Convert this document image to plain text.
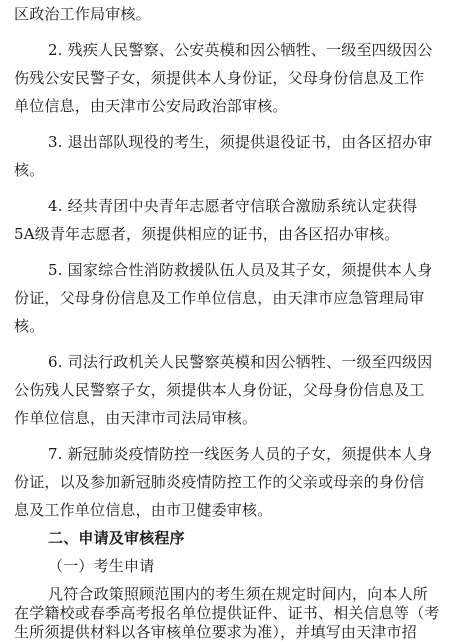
区政治工作局审核。
2. 残疾人民警察、公安英模和因公牺牲、一级至四级因公
伤残公安民警子女，须提供本人身份证，父母身份信息及工作
单位信息，由天津市公安局政治部审核。
3. 退出部队现役的考生，须提供退役证书，由各区招办审
核。
4. 经共青团中央青年志愿者守信联合激励系统认定获得
5A级青年志愿者，须提供相应的证书，由各区招办审核。
5. 国家综合性消防救援队伍人员及其子女，须提供本人身
份证，父母身份信息及工作单位信息，由天津市应急管理局审
核。
6. 司法行政机关人民警察英模和因公牺牲、一级至四级因
公伤残人民警察子女，须提供本人身份证，父母身份信息及工
作单位信息，由天津市司法局审核。
7. 新冠肺炎疫情防控一线医务人员的子女，须提供本人身
份证，以及参加新冠肺炎疫情防控工作的父亲或母亲的身份信
息及工作单位信息，由市卫健委审核。
二、申请及审核程序
（一）考生申请
凡符合政策照顾范围内的考生须在规定时间内，向本人所
在学籍校或春季高考报名单位提供证件、证书、相关信息等（考
生所须提供材料以各审核单位要求为准），并填写由天津市招
